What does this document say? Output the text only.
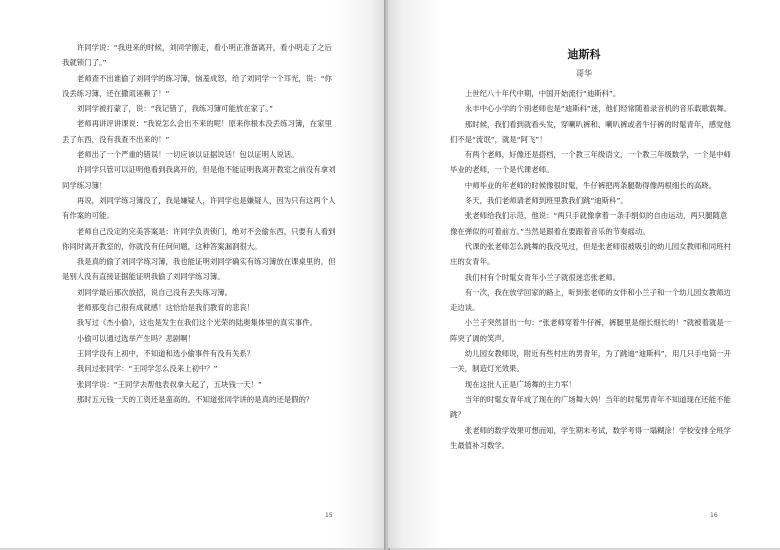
许同学说：“我进来的时候，刘同学刚走，看小明正准备离开，看小明走了之后我就锁门了。”

老师查不出谁偷了刘同学的练习簿，恼羞成怒，给了刘同学一个耳光，说：“你没丢练习簿，还在撒谎诬赖了！”

刘同学被打蒙了，说：“我记错了，我练习簿可能放在家了。”

老师再讲评讲课说：“我说怎么会出不来的呢！原来你根本没丢练习簿，在家里丢了东西，没有我查不出来的！”

老师出了一个严重的错误！一切应该以证据说话！包以证明人说话。

许同学只管可以证明他看到我离开的，但是他不能证明我离开教室之前没有拿刘同学练习簿！

再说，刘同学练习簿没了，我是嫌疑人，许同学也是嫌疑人，因为只有这两个人有作案的可能。

老师自己没定的完美答案是：许同学负责锁门，绝对不会偷东西，只要有人看到你同时离开教室的，你就没有任何问题，这种答案漏洞很大。

我是真的偷了刘同学练习簿，我也能证明刘同学确实有练习簿放在课桌里的，但是别人没有直接证据能证明我偷了刘同学练习簿。

刘同学最后那次放招，说自己没有丢失练习簿。

老师那变自己很有成就感！这恰恰是我们教育的悲哀！

我写过《杰小偷》，这也是发生在我们这个光荣的陆奥集体里的真实事件。

小偷可以通过选举产生吗？悲剧啊！

王同学没有上初中，不知道和选小偷事件有没有关系？

我问过张同学：“王同学怎么没来上初中？”

张同学说：“王同学去帮他表叔拿大起了，五块钱一天！”

那时五元钱一天的工资还是蛮高的。不知道张同学讲的是真的还是假的？

15
迪斯科
哥华

上世纪八十年代中期，中国开始流行“迪斯科”。

永丰中心小学的个别老师也是“迪斯科”迷，他们经常随着录音机的音乐载歌载舞。

那时候，我们看到就看头发，穿喇叭裤和、喇叭裤或者牛仔裤的时髦青年，感觉他们不是“流氓”，就是“阿飞”！

有两个老师，好像还是搭档，一个教三年级语文，一个教三年级数学，一个是中师毕业的老师，一个是代课老师。

中师毕业的年老师的时候像很时髦，牛仔裤把两条腿勒得像两根细长的高跷。

冬天，我们老师请老师到班里教我们跳“迪斯科”。

张老师给我们示范，他说：“两只手就像拿着一条手绢似的自由运动，两只腿随意像在弹似的可着前方。”当然是跟着在要跟着音乐的节奏摇动。

代课的张老师怎么跳舞的我没见过，但是张老师很被吸引的幼儿园女教师和同班村庄的女青年。

我们村有个时髦女青年小兰子就很迷恋张老师。

有一次，我在放学回家的路上，听到张老师的女伴和小兰子和一个幼儿园女教师边走边谈。

小兰子突然冒出一句：“张老师穿着牛仔裤，裤腿里是细长细长的！”就被着就是一阵突了调的笑声。

幼儿园女教师说，附近有些村庄的男青年，为了跳迪“迪斯科”，用几只手电筒一开一关，制造灯光效果。

现在这批人正是广场舞的主力军！

当年的时髦女青年成了现在的广场舞大妈！当年的时髦男青年不知道现在还能不能跳？

张老师的数学效果可想而知，学生期末考试，数学考得一塌糊涂！学校安排全班学生最值补习数学。

16
